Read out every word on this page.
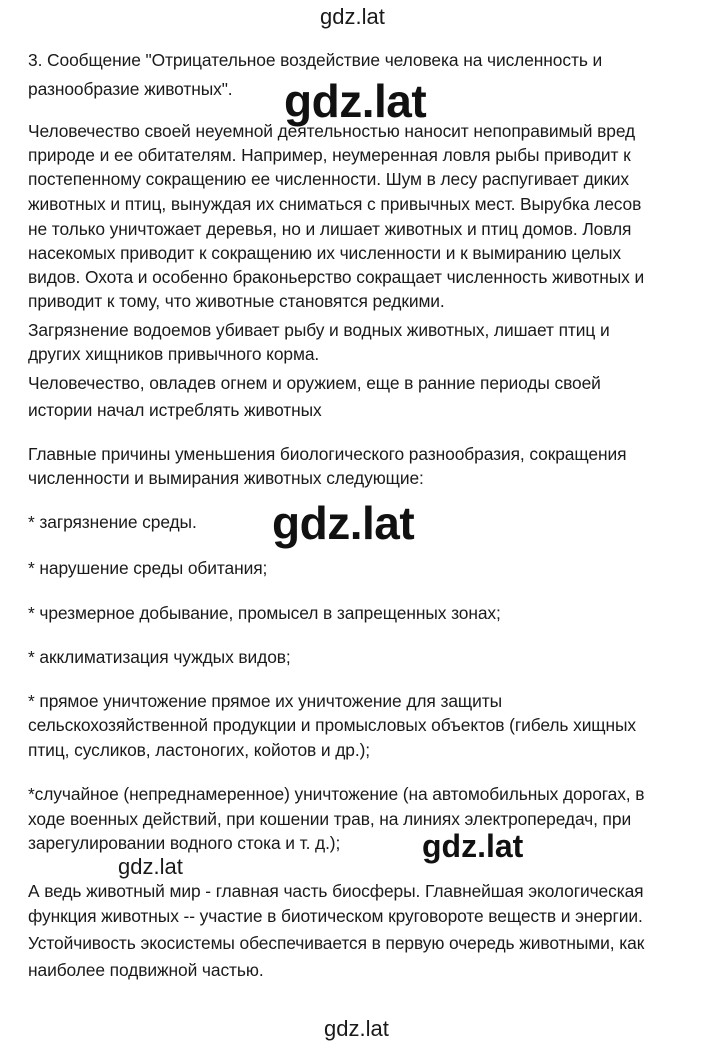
gdz.lat
3. Сообщение "Отрицательное воздействие человека на численность и
разнообразие животных".
Человечество своей неуемной деятельностью наносит непоправимый вред
природе и ее обитателям. Например, неумеренная ловля рыбы приводит к
постепенному сокращению ее численности. Шум в лесу распугивает диких
животных и птиц, вынуждая их сниматься с привычных мест. Вырубка лесов
не только уничтожает деревья, но и лишает животных и птиц домов. Ловля
насекомых приводит к сокращению их численности и к вымиранию целых
видов. Охота и особенно браконьерство сокращает численность животных и
приводит к тому, что животные становятся редкими.
gdz.lat
Загрязнение водоемов убивает рыбу и водных животных, лишает птиц и
других хищников привычного корма.
Человечество, овладев огнем и оружием, еще в ранние периоды своей
истории начал истреблять животных
Главные причины уменьшения биологического разнообразия, сокращения
численности и вымирания животных следующие:
* загрязнение среды. gdz.lat
* нарушение среды обитания;
* чрезмерное добывание, промысел в запрещенных зонах;
* акклиматизация чуждых видов;
* прямое уничтожение прямое их уничтожение для защиты
сельскохозяйственной продукции и промысловых объектов (гибель хищных
птиц, сусликов, ластоногих, койотов и др.);
*случайное (непреднамеренное) уничтожение (на автомобильных дорогах, в
ходе военных действий, при кошении трав, на линиях электропередач, при
зарегулировании водного стока и т. д.);
gdz.lat
gdz.lat
А ведь животный мир - главная часть биосферы. Главнейшая экологическая
функция животных -- участие в биотическом круговороте веществ и энергии.
Устойчивость экосистемы обеспечивается в первую очередь животными, как
наиболее подвижной частью.
gdz.lat
